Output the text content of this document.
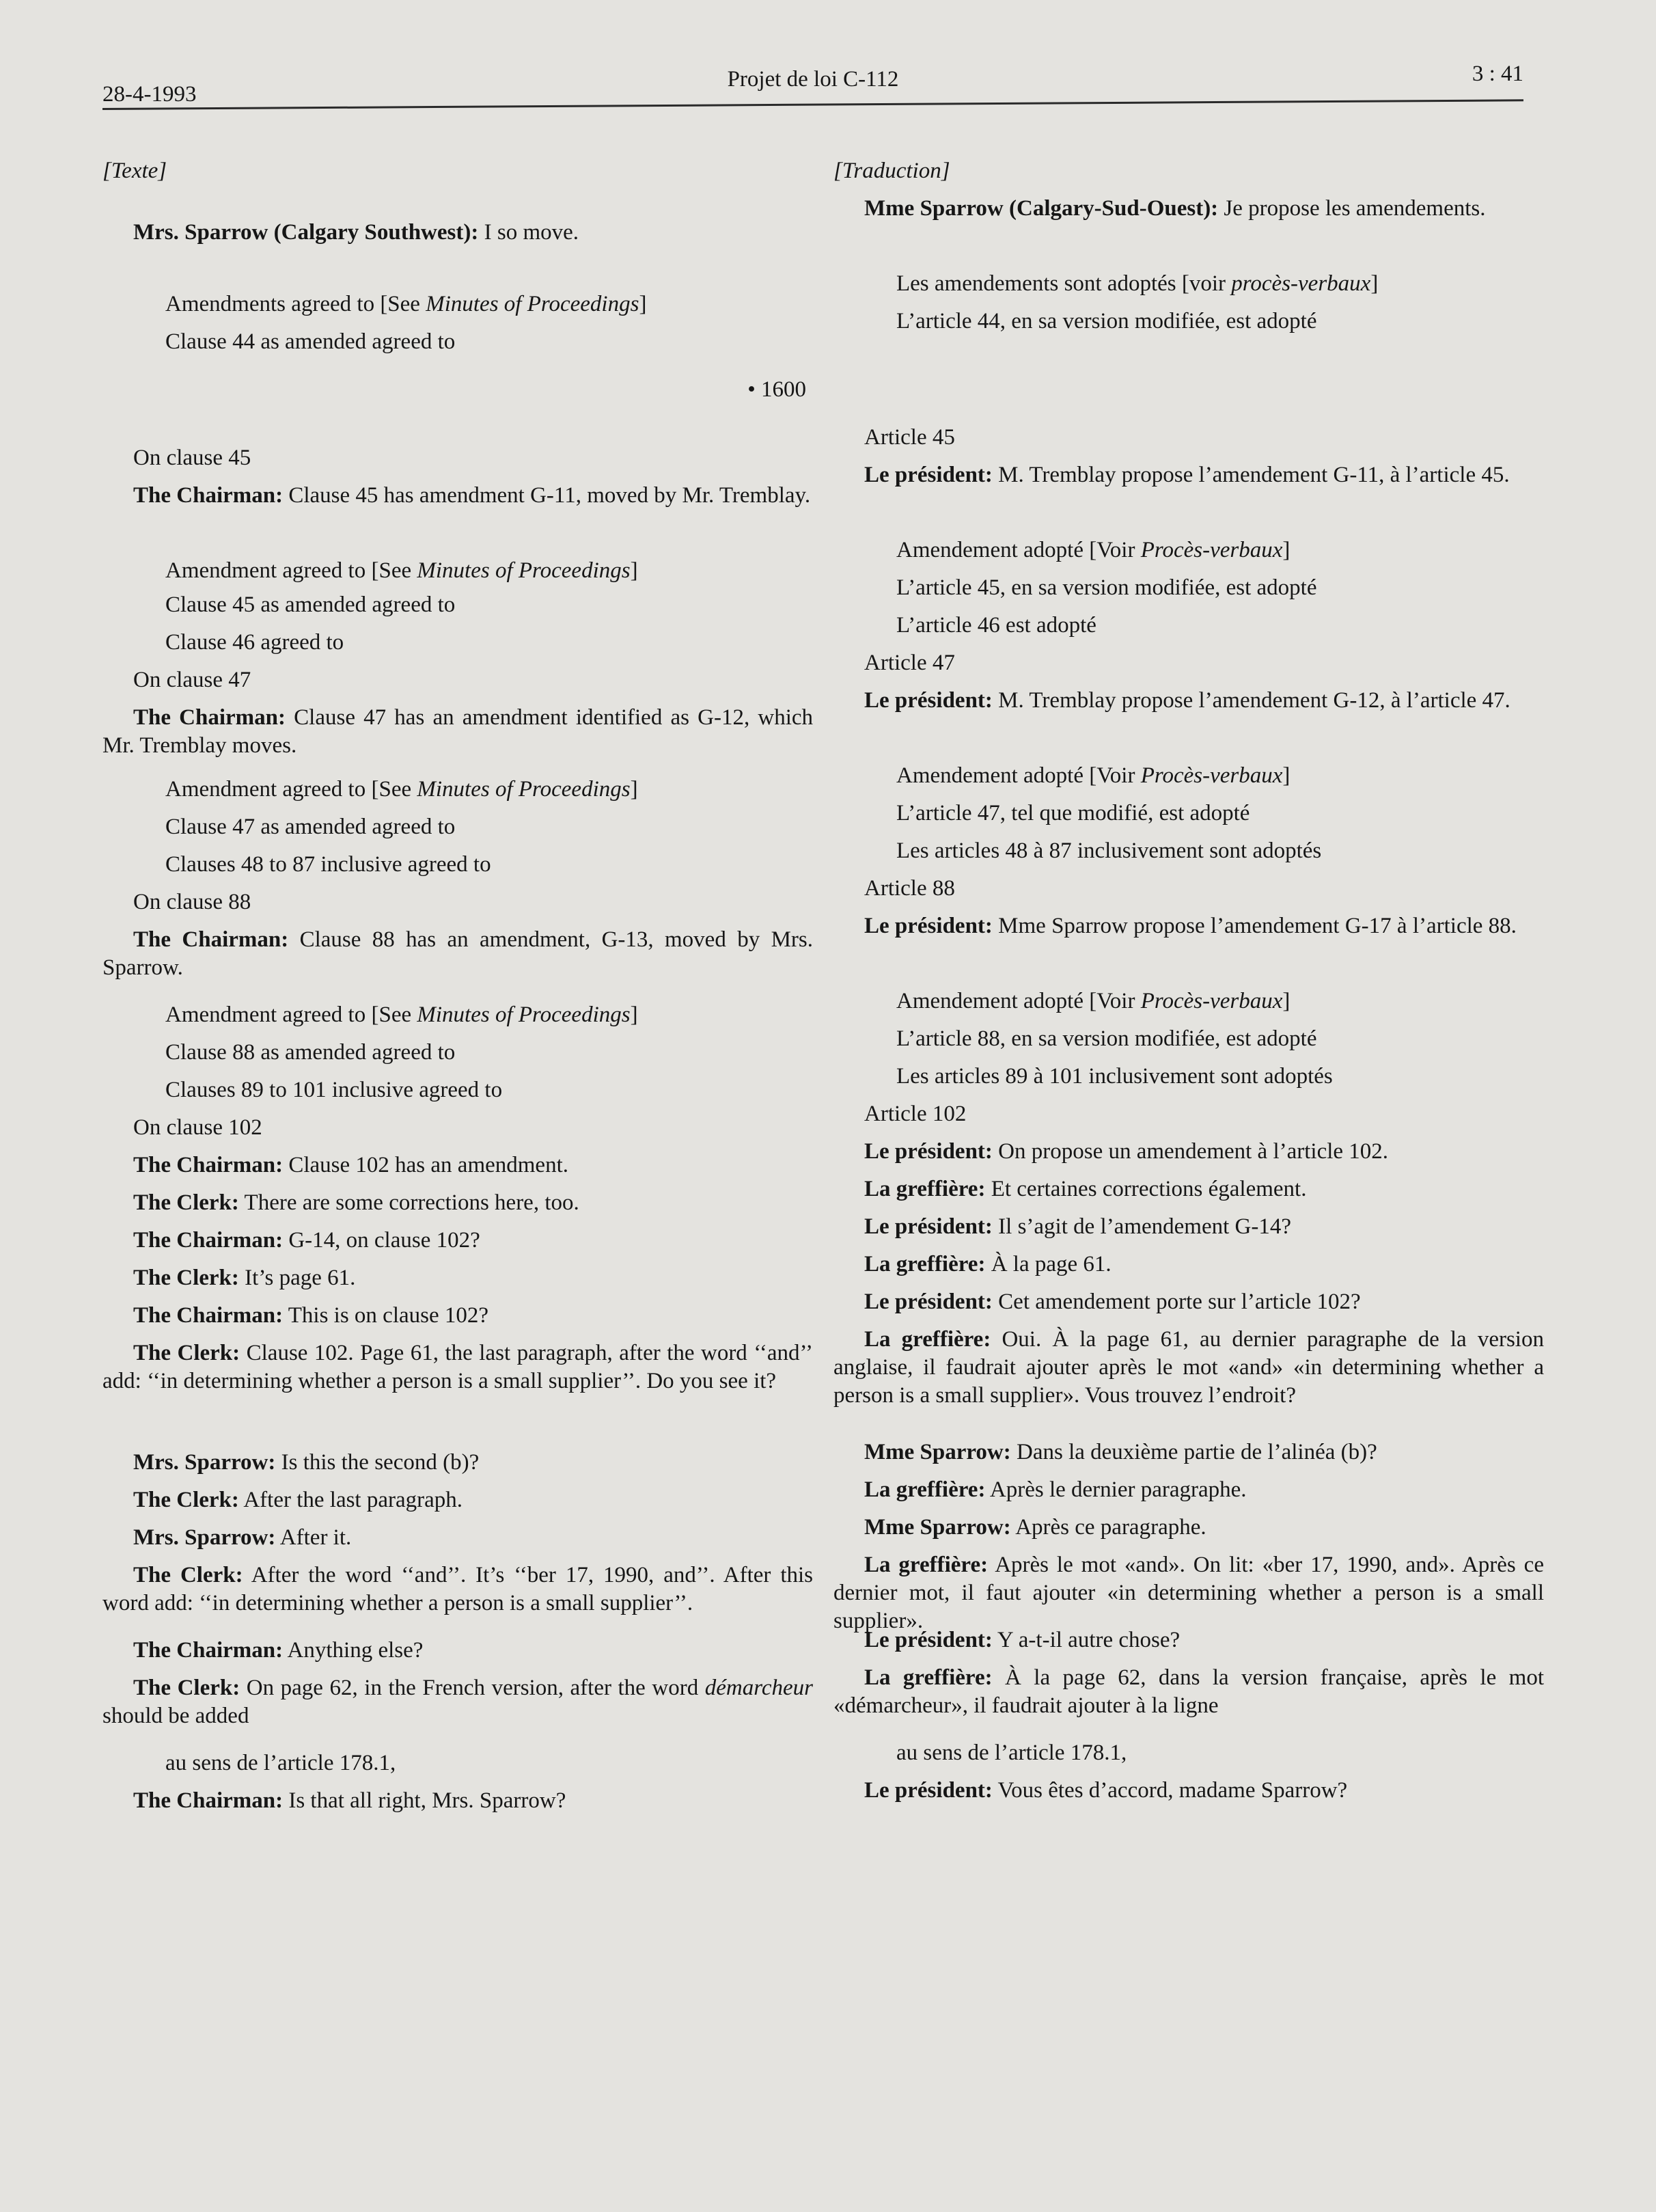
28-4-1993
Projet de loi C-112	3 : 41
[Texte]

Mrs. Sparrow (Calgary Southwest): I so move.

Amendments agreed to [See Minutes of Proceedings]

Clause 44 as amended agreed to

On clause 45

The Chairman: Clause 45 has amendment G-11, moved by Mr. Tremblay.

Amendment agreed to [See Minutes of Proceedings]

Clause 45 as amended agreed to

Clause 46 agreed to

On clause 47

The Chairman: Clause 47 has an amendment identified as G-12, which Mr. Tremblay moves.

Amendment agreed to [See Minutes of Proceedings]

Clause 47 as amended agreed to

Clauses 48 to 87 inclusive agreed to

On clause 88

The Chairman: Clause 88 has an amendment, G-13, moved by Mrs. Sparrow.

Amendment agreed to [See Minutes of Proceedings]

Clause 88 as amended agreed to

Clauses 89 to 101 inclusive agreed to

On clause 102

The Chairman: Clause 102 has an amendment.

The Clerk: There are some corrections here, too.

The Chairman: G-14, on clause 102?

The Clerk: It’s page 61.

The Chairman: This is on clause 102?

The Clerk: Clause 102. Page 61, the last paragraph, after the word ‘‘and’’ add: ‘‘in determining whether a person is a small supplier’’. Do you see it?

Mrs. Sparrow: Is this the second (b)?

The Clerk: After the last paragraph.

Mrs. Sparrow: After it.

The Clerk: After the word ‘‘and’’. It’s ‘‘ber 17, 1990, and’’. After this word add: ‘‘in determining whether a person is a small supplier’’.

The Chairman: Anything else?

The Clerk: On page 62, in the French version, after the word démarcheur should be added

au sens de l’article 178.1,

The Chairman: Is that all right, Mrs. Sparrow?

• 1600
[Traduction]

Mme Sparrow (Calgary-Sud-Ouest): Je propose les amendements.

Les amendements sont adoptés [voir procès-verbaux]

L’article 44, en sa version modifiée, est adopté

Article 45

Le président: M. Tremblay propose l’amendement G-11, à l’article 45.

Amendement adopté [Voir Procès-verbaux]

L’article 45, en sa version modifiée, est adopté

L’article 46 est adopté

Article 47

Le président: M. Tremblay propose l’amendement G-12, à l’article 47.

Amendement adopté [Voir Procès-verbaux]

L’article 47, tel que modifié, est adopté

Les articles 48 à 87 inclusivement sont adoptés

Article 88

Le président: Mme Sparrow propose l’amendement G-17 à l’article 88.

Amendement adopté [Voir Procès-verbaux]

L’article 88, en sa version modifiée, est adopté

Les articles 89 à 101 inclusivement sont adoptés

Article 102

Le président: On propose un amendement à l’article 102.

La greffière: Et certaines corrections également.

Le président: Il s’agit de l’amendement G-14?

La greffière: À la page 61.

Le président: Cet amendement porte sur l’article 102?

La greffière: Oui. À la page 61, au dernier paragraphe de la version anglaise, il faudrait ajouter après le mot «and» «in determining whether a person is a small supplier». Vous trouvez l’endroit?

Mme Sparrow: Dans la deuxième partie de l’alinéa (b)?

La greffière: Après le dernier paragraphe.

Mme Sparrow: Après ce paragraphe.

La greffière: Après le mot «and». On lit: «ber 17, 1990, and». Après ce dernier mot, il faut ajouter «in determining whether a person is a small supplier».

Le président: Y a-t-il autre chose?

La greffière: À la page 62, dans la version française, après le mot «démarcheur», il faudrait ajouter à la ligne

au sens de l’article 178.1,

Le président: Vous êtes d’accord, madame Sparrow?
